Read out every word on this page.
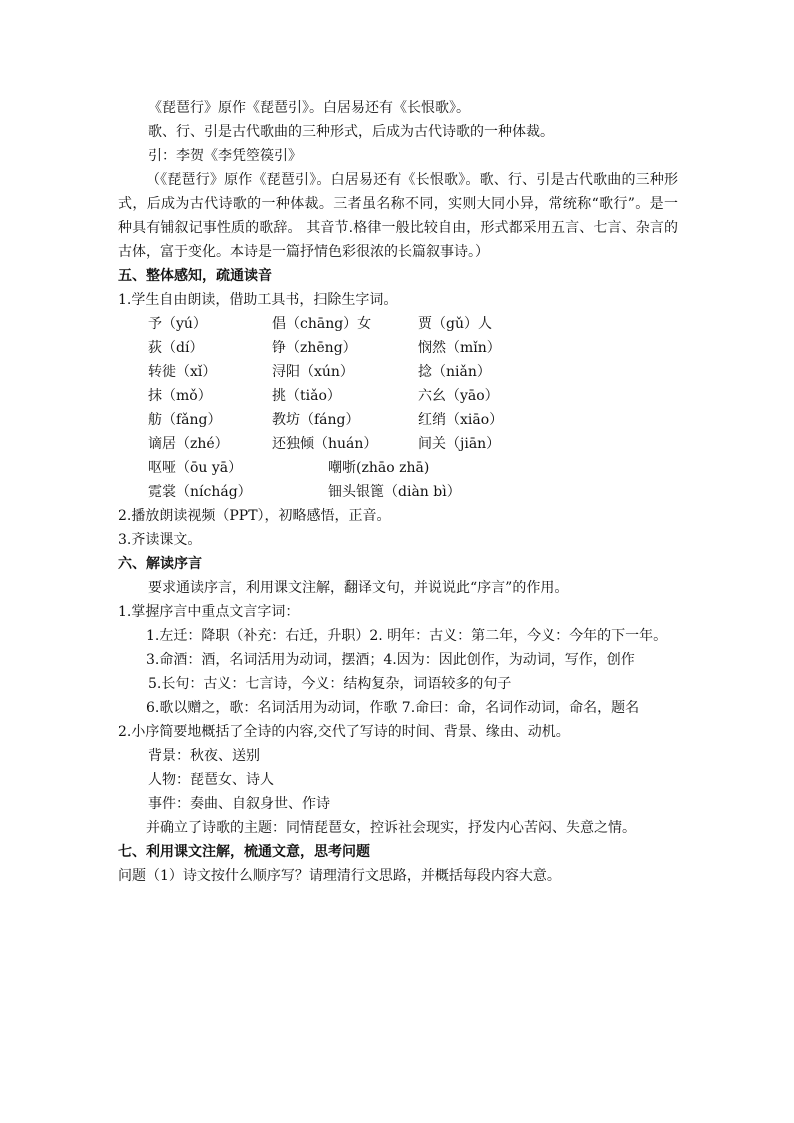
《琵琶行》原作《琵琶引》。白居易还有《长恨歌》。
歌、行、引是古代歌曲的三种形式，后成为古代诗歌的一种体裁。
引：李贺《李凭箜篌引》
（《琵琶行》原作《琵琶引》。白居易还有《长恨歌》。歌、行、引是古代歌曲的三种形式，后成为古代诗歌的一种体裁。三者虽名称不同，实则大同小异，常统称“歌行”。是一种具有铺叙记事性质的歌辞。 其音节.格律一般比较自由，形式都采用五言、七言、杂言的古体，富于变化。本诗是一篇抒情色彩很浓的长篇叙事诗。）
五、整体感知，疏通读音
1.学生自由朗读，借助工具书，扫除生字词。
予（yú）	倡（chāng）女	贾（gǔ）人
荻（dí）	铮（zhēng）	悯然（mǐn）
转徙（xǐ）	浔阳（xún）	捻（niǎn）
抹（mǒ）	挑（tiǎo）	六幺（yāo）
舫（fǎng）	教坊（fáng）	红绡（xiāo）
谪居（zhé）	还独倾（huán）	间关（jiān）
呕哑（ōu yā）	嘲哳(zhāo zhā)
霓裳（níchág）	钿头银篦（diàn bì）
2.播放朗读视频（PPT），初略感悟，正音。
3.齐读课文。
六、解读序言
要求通读序言，利用课文注解，翻译文句，并说说此“序言”的作用。
1.掌握序言中重点文言字词：
1.左迁：降职（补充：右迁，升职）2. 明年：古义：第二年，今义：今年的下一年。
3.命酒：酒，名词活用为动词，摆酒；4.因为：因此创作，为动词，写作，创作
5.长句：古义：七言诗，今义：结构复杂，词语较多的句子
6.歌以赠之，歌：名词活用为动词，作歌 7.命曰：命，名词作动词，命名，题名
2.小序简要地概括了全诗的内容,交代了写诗的时间、背景、缘由、动机。
背景：秋夜、送别
人物：琵琶女、诗人
事件：奏曲、自叙身世、作诗
并确立了诗歌的主题：同情琵琶女，控诉社会现实，抒发内心苦闷、失意之情。
七、利用课文注解，梳通文意，思考问题
问题（1）诗文按什么顺序写？请理清行文思路，并概括每段内容大意。
